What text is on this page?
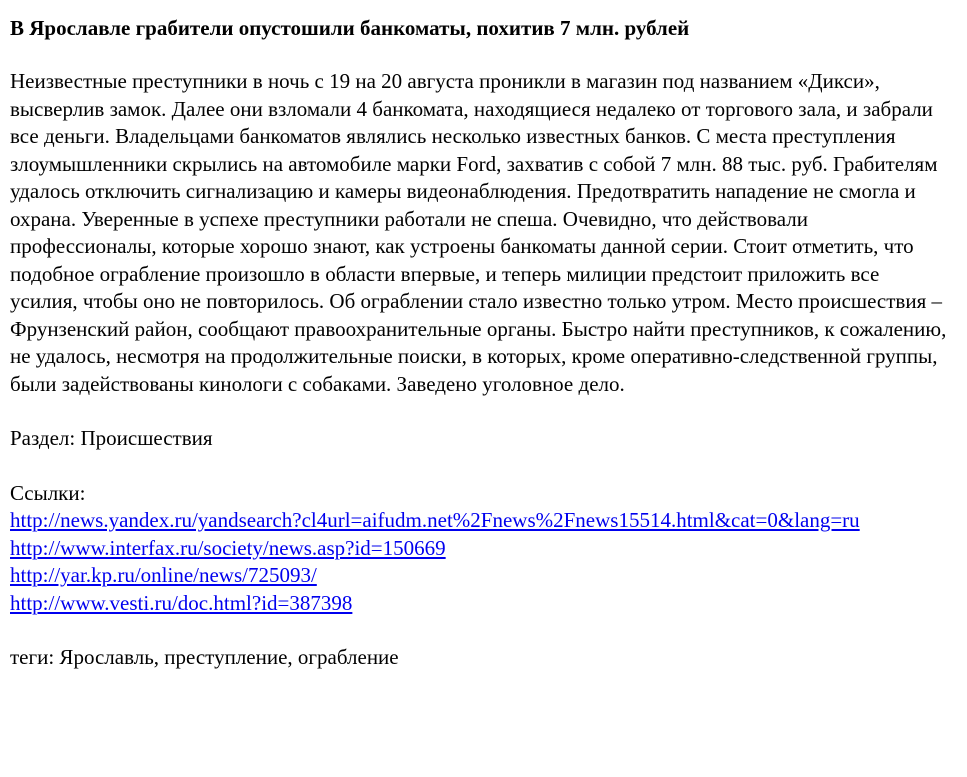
В Ярославле грабители опустошили банкоматы, похитив 7 млн. рублей

Неизвестные преступники в ночь с 19 на 20 августа проникли в магазин под названием «Дикси», высверлив замок. Далее они взломали 4 банкомата, находящиеся недалеко от торгового зала, и забрали все деньги. Владельцами банкоматов являлись несколько известных банков. С места преступления злоумышленники скрылись на автомобиле марки Ford, захватив с собой 7 млн. 88 тыс. руб. Грабителям удалось отключить сигнализацию и камеры видеонаблюдения. Предотвратить нападение не смогла и охрана. Уверенные в успехе преступники работали не спеша. Очевидно, что действовали профессионалы, которые хорошо знают, как устроены банкоматы данной серии. Стоит отметить, что подобное ограбление произошло в области впервые, и теперь милиции предстоит приложить все усилия, чтобы оно не повторилось. Об ограблении стало известно только утром. Место происшествия – Фрунзенский район, сообщают правоохранительные органы. Быстро найти преступников, к сожалению, не удалось, несмотря на продолжительные поиски, в которых, кроме оперативно-следственной группы, были задействованы кинологи с собаками. Заведено уголовное дело.

Раздел: Происшествия
Ссылки:
http://news.yandex.ru/yandsearch?cl4url=aifudm.net%2Fnews%2Fnews15514.html&cat=0&lang=ru
http://www.interfax.ru/society/news.asp?id=150669
http://yar.kp.ru/online/news/725093/
http://www.vesti.ru/doc.html?id=387398
теги: Ярославль, преступление, ограбление
